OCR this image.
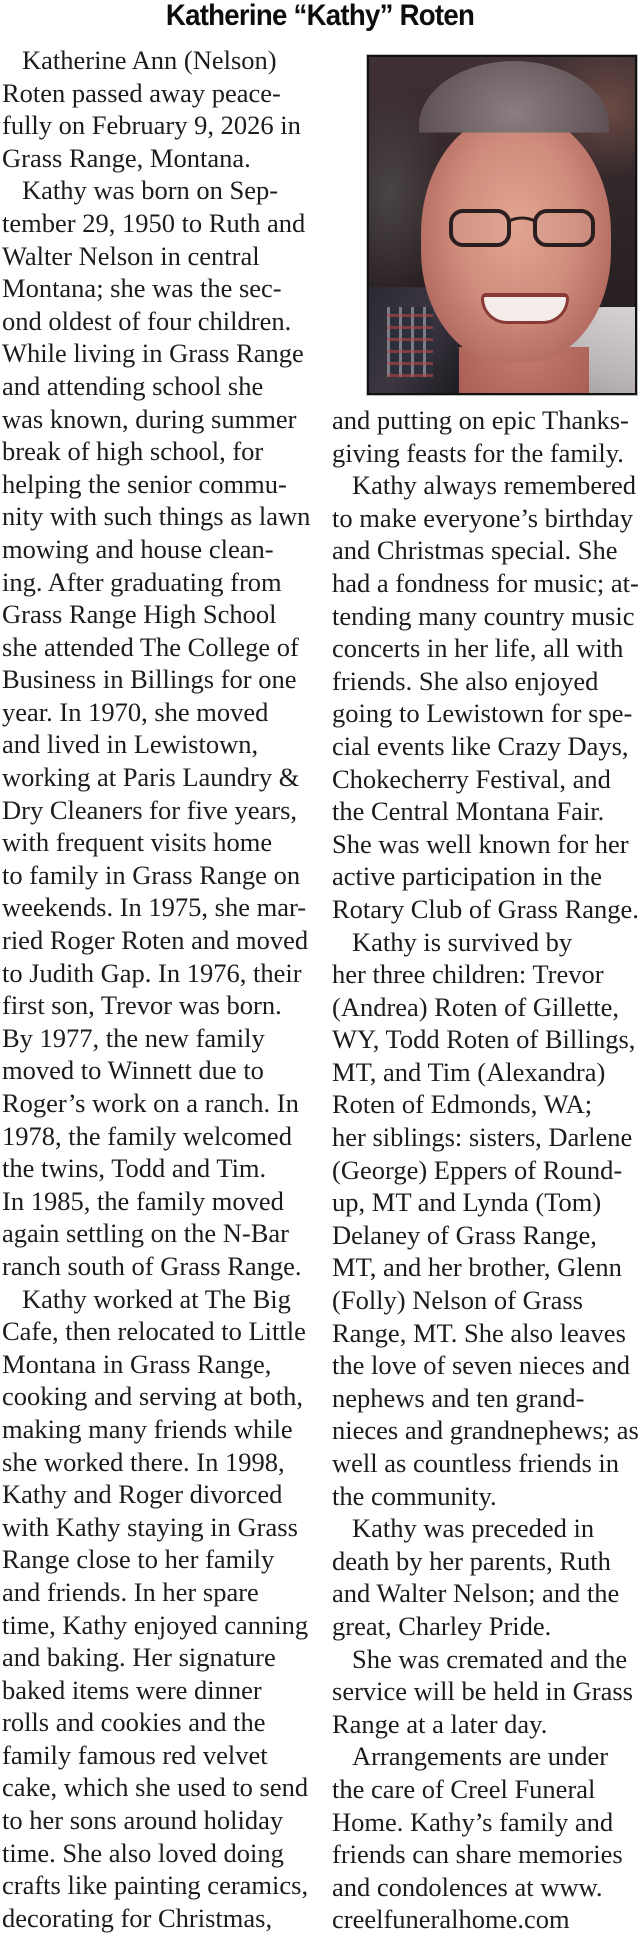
Katherine “Kathy” Roten
Katherine Ann (Nelson)
Roten passed away peace-
fully on February 9, 2026 in
Grass Range, Montana.
Kathy was born on Sep-
tember 29, 1950 to Ruth and
Walter Nelson in central
Montana; she was the sec-
ond oldest of four children.
While living in Grass Range
and attending school she
was known, during summer
break of high school, for
helping the senior commu-
nity with such things as lawn
mowing and house clean-
ing. After graduating from
Grass Range High School
she attended The College of
Business in Billings for one
year. In 1970, she moved
and lived in Lewistown,
working at Paris Laundry &
Dry Cleaners for five years,
with frequent visits home
to family in Grass Range on
weekends. In 1975, she mar-
ried Roger Roten and moved
to Judith Gap. In 1976, their
first son, Trevor was born.
By 1977, the new family
moved to Winnett due to
Roger’s work on a ranch. In
1978, the family welcomed
the twins, Todd and Tim.
In 1985, the family moved
again settling on the N-Bar
ranch south of Grass Range.
Kathy worked at The Big
Cafe, then relocated to Little
Montana in Grass Range,
cooking and serving at both,
making many friends while
she worked there. In 1998,
Kathy and Roger divorced
with Kathy staying in Grass
Range close to her family
and friends. In her spare
time, Kathy enjoyed canning
and baking. Her signature
baked items were dinner
rolls and cookies and the
family famous red velvet
cake, which she used to send
to her sons around holiday
time. She also loved doing
crafts like painting ceramics,
decorating for Christmas,
and putting on epic Thanks-
giving feasts for the family.
Kathy always remembered
to make everyone’s birthday
and Christmas special. She
had a fondness for music; at-
tending many country music
concerts in her life, all with
friends. She also enjoyed
going to Lewistown for spe-
cial events like Crazy Days,
Chokecherry Festival, and
the Central Montana Fair.
She was well known for her
active participation in the
Rotary Club of Grass Range.
Kathy is survived by
her three children: Trevor
(Andrea) Roten of Gillette,
WY, Todd Roten of Billings,
MT, and Tim (Alexandra)
Roten of Edmonds, WA;
her siblings: sisters, Darlene
(George) Eppers of Round-
up, MT and Lynda (Tom)
Delaney of Grass Range,
MT, and her brother, Glenn
(Folly) Nelson of Grass
Range, MT. She also leaves
the love of seven nieces and
nephews and ten grand-
nieces and grandnephews; as
well as countless friends in
the community.
Kathy was preceded in
death by her parents, Ruth
and Walter Nelson; and the
great, Charley Pride.
She was cremated and the
service will be held in Grass
Range at a later day.
Arrangements are under
the care of Creel Funeral
Home. Kathy’s family and
friends can share memories
and condolences at www.
creelfuneralhome.com
